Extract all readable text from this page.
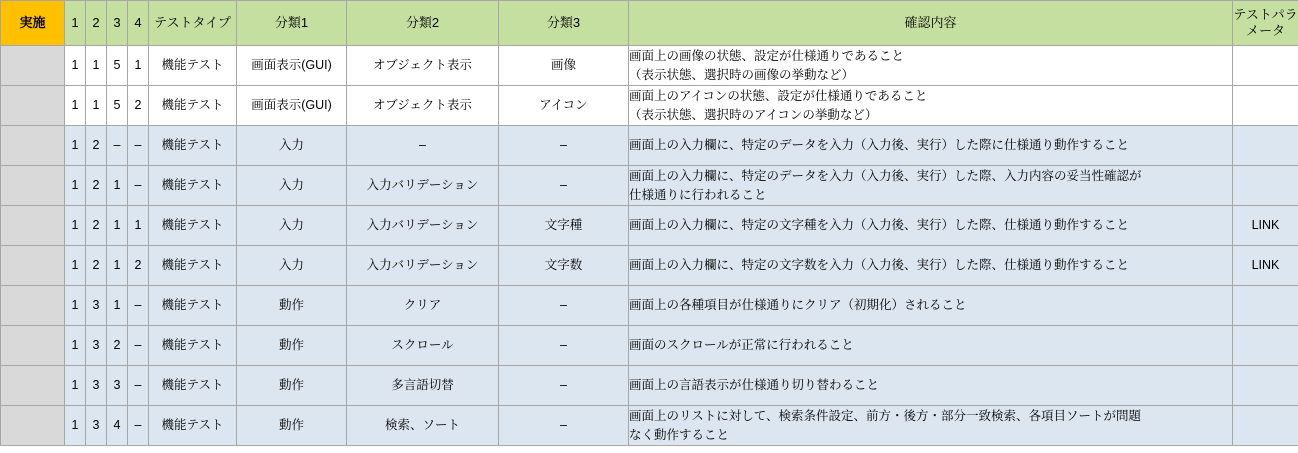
実施	1	2	3	4	テストタイプ	分類1	分類2	分類3	確認内容	テストパラメータ
	1	1	5	1	機能テスト	画面表示(GUI)	オブジェクト表示	画像	画面上の画像の状態、設定が仕様通りであること
（表示状態、選択時の画像の挙動など）	
	1	1	5	2	機能テスト	画面表示(GUI)	オブジェクト表示	アイコン	画面上のアイコンの状態、設定が仕様通りであること
（表示状態、選択時のアイコンの挙動など）	
	1	2	–	–	機能テスト	入力	–	–	画面上の入力欄に、特定のデータを入力（入力後、実行）した際に仕様通り動作すること	
	1	2	1	–	機能テスト	入力	入力バリデーション	–	画面上の入力欄に、特定のデータを入力（入力後、実行）した際、入力内容の妥当性確認が
仕様通りに行われること	
	1	2	1	1	機能テスト	入力	入力バリデーション	文字種	画面上の入力欄に、特定の文字種を入力（入力後、実行）した際、仕様通り動作すること	LINK
	1	2	1	2	機能テスト	入力	入力バリデーション	文字数	画面上の入力欄に、特定の文字数を入力（入力後、実行）した際、仕様通り動作すること	LINK
	1	3	1	–	機能テスト	動作	クリア	–	画面上の各種項目が仕様通りにクリア（初期化）されること	
	1	3	2	–	機能テスト	動作	スクロール	–	画面のスクロールが正常に行われること	
	1	3	3	–	機能テスト	動作	多言語切替	–	画面上の言語表示が仕様通り切り替わること	
	1	3	4	–	機能テスト	動作	検索、ソート	–	画面上のリストに対して、検索条件設定、前方・後方・部分一致検索、各項目ソートが問題
なく動作すること	
